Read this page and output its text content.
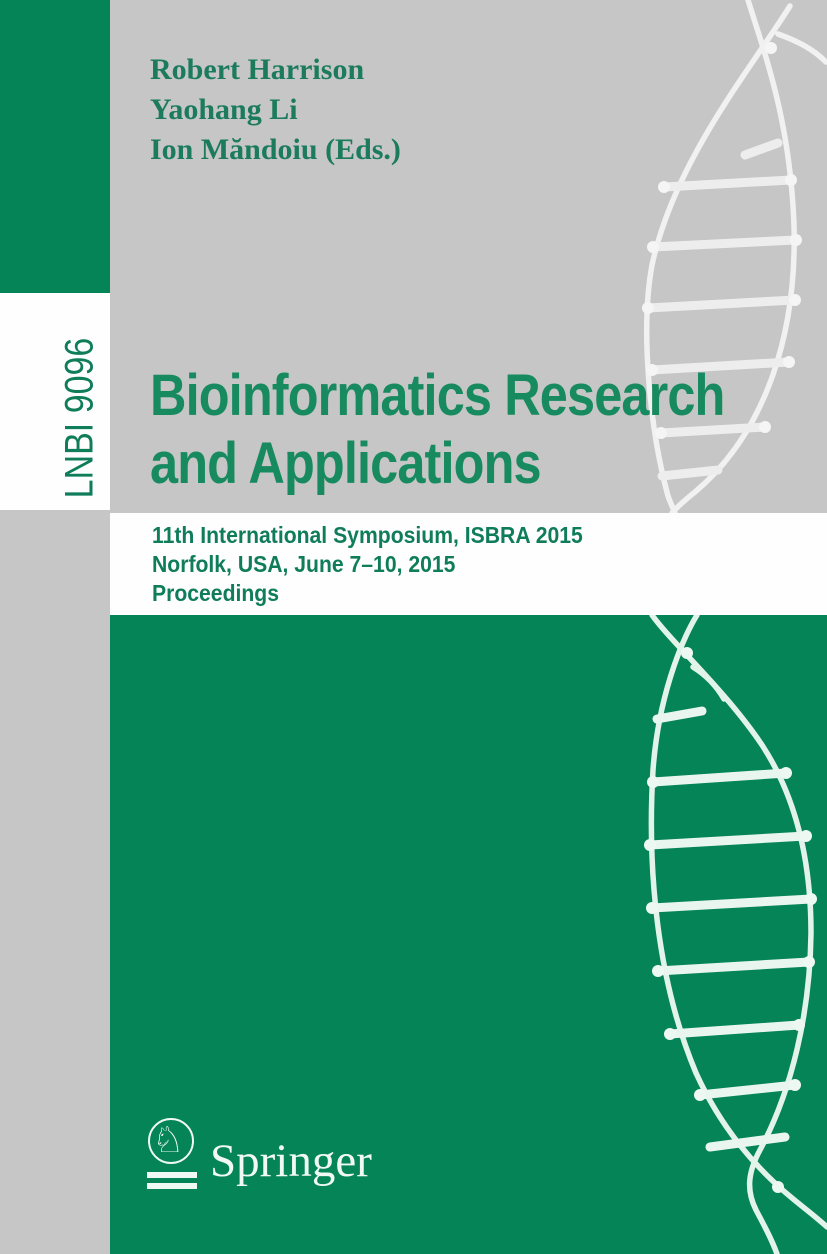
LNBI 9096
Robert Harrison
Yaohang Li
Ion Măndoiu (Eds.)
Bioinformatics Research
and Applications
11th International Symposium, ISBRA 2015
Norfolk, USA, June 7–10, 2015
Proceedings
♘ Springer
